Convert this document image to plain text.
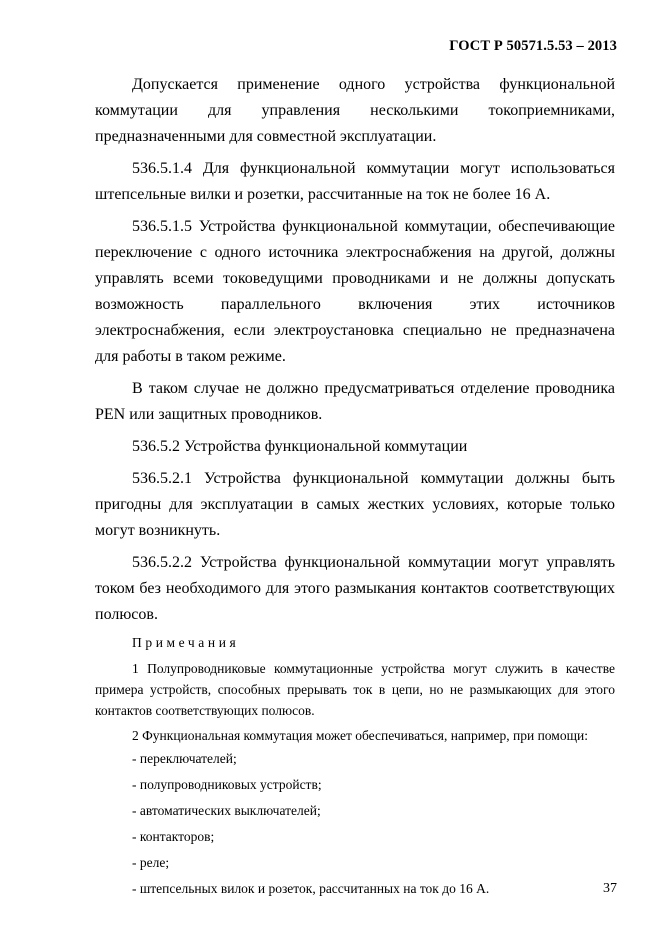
ГОСТ Р 50571.5.53 – 2013

Допускается применение одного устройства функциональной коммутации для управления несколькими токоприемниками, предназначенными для совместной эксплуатации.

536.5.1.4 Для функциональной коммутации могут использоваться штепсельные вилки и розетки, рассчитанные на ток не более 16 А.

536.5.1.5 Устройства функциональной коммутации, обеспечивающие переключение с одного источника электроснабжения на другой, должны управлять всеми токоведущими проводниками и не должны допускать возможность параллельного включения этих источников электроснабжения, если электроустановка специально не предназначена для работы в таком режиме.

В таком случае не должно предусматриваться отделение проводника PEN или защитных проводников.

536.5.2 Устройства функциональной коммутации

536.5.2.1 Устройства функциональной коммутации должны быть пригодны для эксплуатации в самых жестких условиях, которые только могут возникнуть.

536.5.2.2 Устройства функциональной коммутации могут управлять током без необходимого для этого размыкания контактов соответствующих полюсов.

Примечания

1 Полупроводниковые коммутационные устройства могут служить в качестве примера устройств, способных прерывать ток в цепи, но не размыкающих для этого контактов соответствующих полюсов.

2 Функциональная коммутация может обеспечиваться, например, при помощи:

- переключателей;
- полупроводниковых устройств;
- автоматических выключателей;
- контакторов;
- реле;
- штепсельных вилок и розеток, рассчитанных на ток до 16 А.	37
